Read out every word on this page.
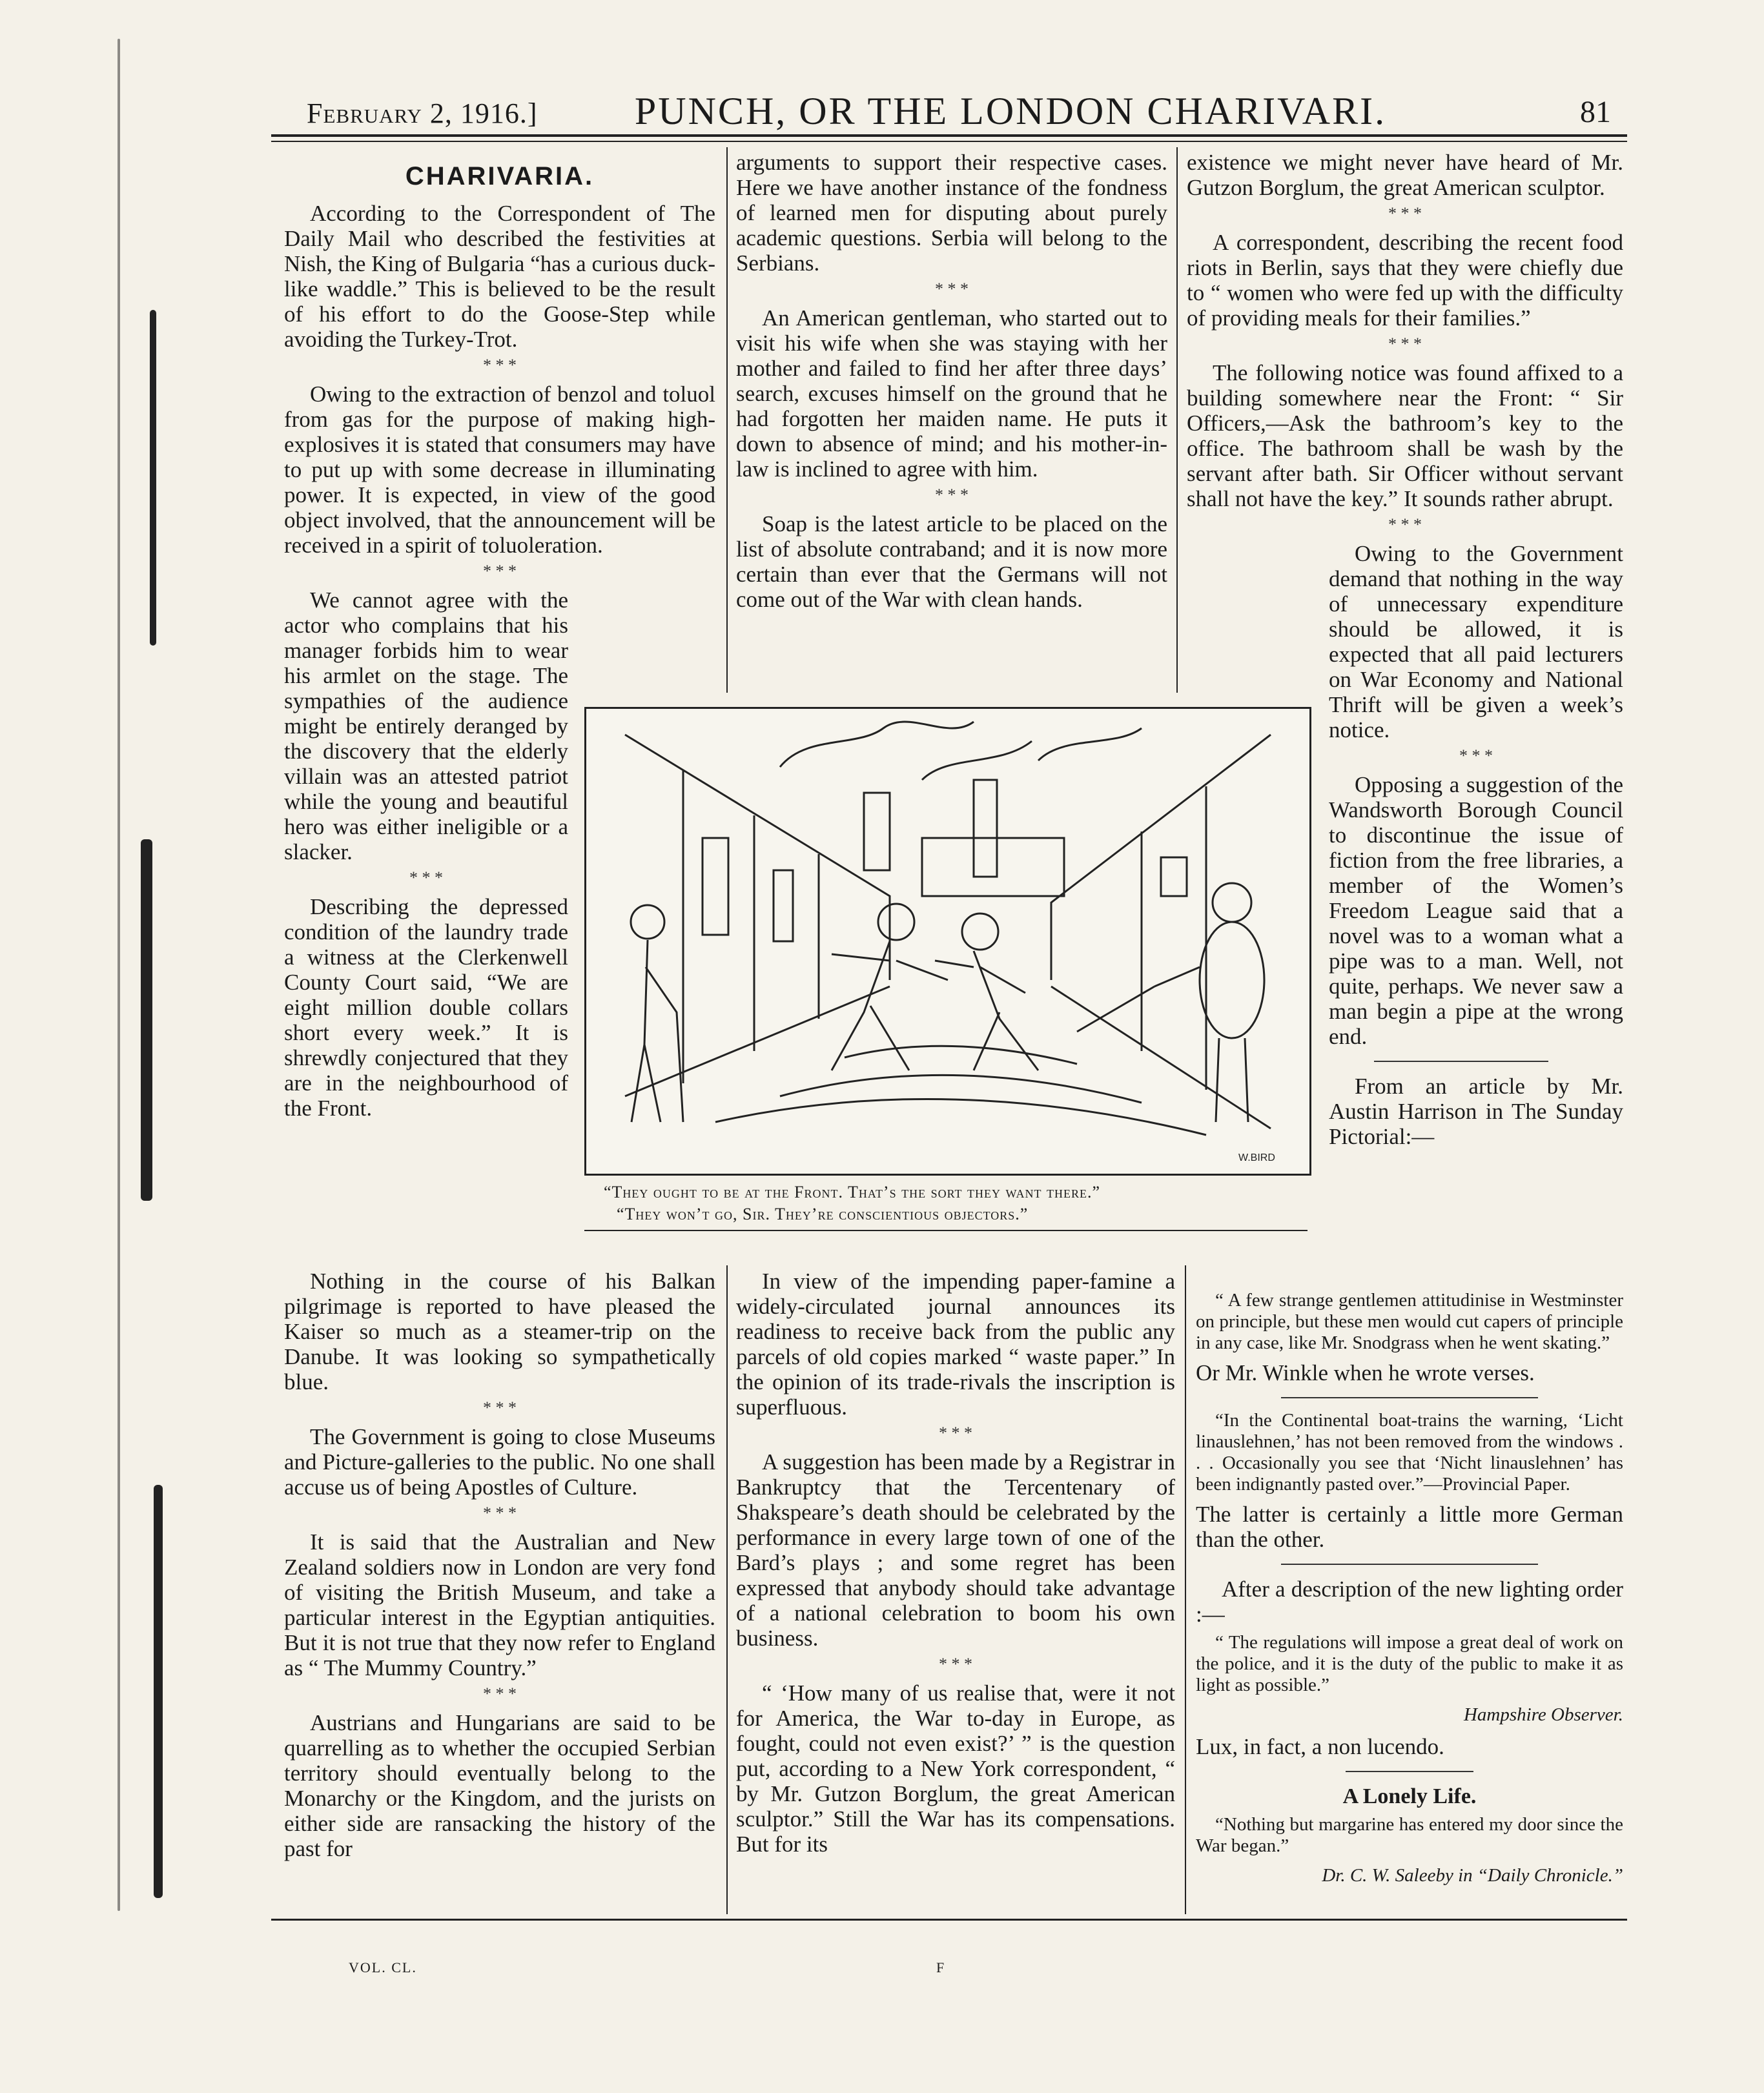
February 2, 1916.]	PUNCH, OR THE LONDON CHARIVARI.	81
CHARIVARIA.

According to the Correspondent of The Daily Mail who described the festivities at Nish, the King of Bulgaria “has a curious duck-like waddle.” This is believed to be the result of his effort to do the Goose-Step while avoiding the Turkey-Trot.

* * *

Owing to the extraction of benzol and toluol from gas for the purpose of making high-explosives it is stated that consumers may have to put up with some decrease in illuminating power. It is expected, in view of the good object involved, that the announcement will be received in a spirit of toluoleration.

* * *

We cannot agree with the actor who complains that his manager forbids him to wear his armlet on the stage. The sympathies of the audience might be entirely deranged by the discovery that the elderly villain was an attested patriot while the young and beautiful hero was either ineligible or a slacker.

* * *

Describing the depressed condition of the laundry trade a witness at the Clerkenwell County Court said, “We are eight million double collars short every week.” It is shrewdly conjectured that they are in the neighbourhood of the Front.

arguments to support their respective cases. Here we have another instance of the fondness of learned men for disputing about purely academic questions. Serbia will belong to the Serbians.

* * *

An American gentleman, who started out to visit his wife when she was staying with her mother and failed to find her after three days’ search, excuses himself on the ground that he had forgotten her maiden name. He puts it down to absence of mind; and his mother-in-law is inclined to agree with him.

* * *

Soap is the latest article to be placed on the list of absolute contraband; and it is now more certain than ever that the Germans will not come out of the War with clean hands.

existence we might never have heard of Mr. Gutzon Borglum, the great American sculptor.

* * *

A correspondent, describing the recent food riots in Berlin, says that they were chiefly due to “ women who were fed up with the difficulty of providing meals for their families.”

* * *

The following notice was found affixed to a building somewhere near the Front: “ Sir Officers,—Ask the bathroom’s key to the office. The bathroom shall be wash by the servant after bath. Sir Officer without servant shall not have the key.” It sounds rather abrupt.

* * *

Owing to the Government demand that nothing in the way of unnecessary expenditure should be allowed, it is expected that all paid lecturers on War Economy and National Thrift will be given a week’s notice.

* * *

Opposing a suggestion of the Wandsworth Borough Council to discontinue the issue of fiction from the free libraries, a member of the Women’s Freedom League said that a novel was to a woman what a pipe was to a man. Well, not quite, perhaps. We never saw a man begin a pipe at the wrong end.

From an article by Mr. Austin Harrison in The Sunday Pictorial:—

W.BIRD
“They ought to be at the Front. That’s the sort they want there.”
“They won’t go, Sir. They’re conscientious objectors.”

Nothing in the course of his Balkan pilgrimage is reported to have pleased the Kaiser so much as a steamer-trip on the Danube. It was looking so sympathetically blue.

* * *

The Government is going to close Museums and Picture-galleries to the public. No one shall accuse us of being Apostles of Culture.

* * *

It is said that the Australian and New Zealand soldiers now in London are very fond of visiting the British Museum, and take a particular interest in the Egyptian antiquities. But it is not true that they now refer to England as “ The Mummy Country.”

* * *

Austrians and Hungarians are said to be quarrelling as to whether the occupied Serbian territory should eventually belong to the Monarchy or the Kingdom, and the jurists on either side are ransacking the history of the past for

In view of the impending paper-famine a widely-circulated journal announces its readiness to receive back from the public any parcels of old copies marked “ waste paper.” In the opinion of its trade-rivals the inscription is superfluous.

* * *

A suggestion has been made by a Registrar in Bankruptcy that the Tercentenary of Shakspeare’s death should be celebrated by the performance in every large town of one of the Bard’s plays ; and some regret has been expressed that anybody should take advantage of a national celebration to boom his own business.

* * *

“ ‘How many of us realise that, were it not for America, the War to-day in Europe, as fought, could not even exist?’ ” is the question put, according to a New York correspondent, “ by Mr. Gutzon Borglum, the great American sculptor.” Still the War has its compensations. But for its

“ A few strange gentlemen attitudinise in Westminster on principle, but these men would cut capers of principle in any case, like Mr. Snodgrass when he went skating.”

Or Mr. Winkle when he wrote verses.

“In the Continental boat-trains the warning, ‘Licht linauslehnen,’ has not been removed from the windows . . . Occasionally you see that ‘Nicht linauslehnen’ has been indignantly pasted over.”—Provincial Paper.

The latter is certainly a little more German than the other.

After a description of the new lighting order :—

“ The regulations will impose a great deal of work on the police, and it is the duty of the public to make it as light as possible.”

Hampshire Observer.

Lux, in fact, a non lucendo.

A Lonely Life.

“Nothing but margarine has entered my door since the War began.”

Dr. C. W. Saleeby in “Daily Chronicle.”
VOL. CL.	F
